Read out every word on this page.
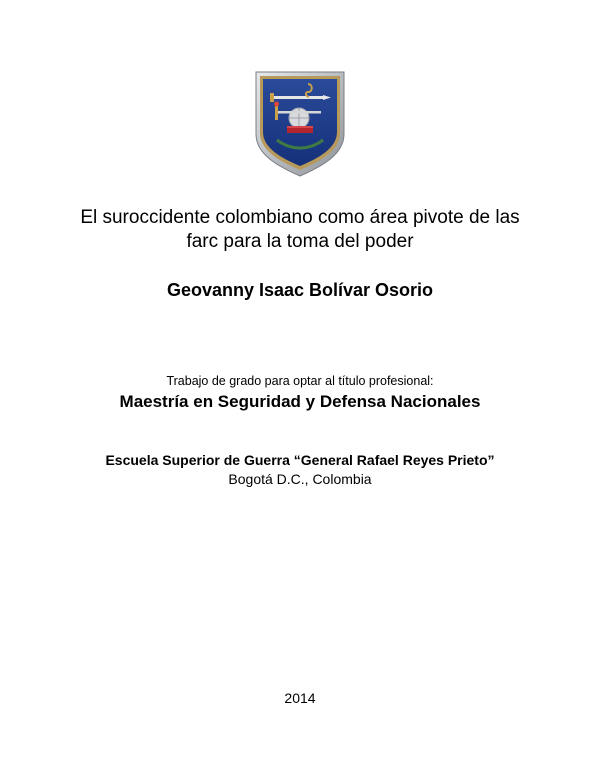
El suroccidente colombiano como área pivote de las
farc para la toma del poder
Geovanny Isaac Bolívar Osorio
Trabajo de grado para optar al título profesional:
Maestría en Seguridad y Defensa Nacionales
Escuela Superior de Guerra “General Rafael Reyes Prieto”
Bogotá D.C., Colombia
2014
